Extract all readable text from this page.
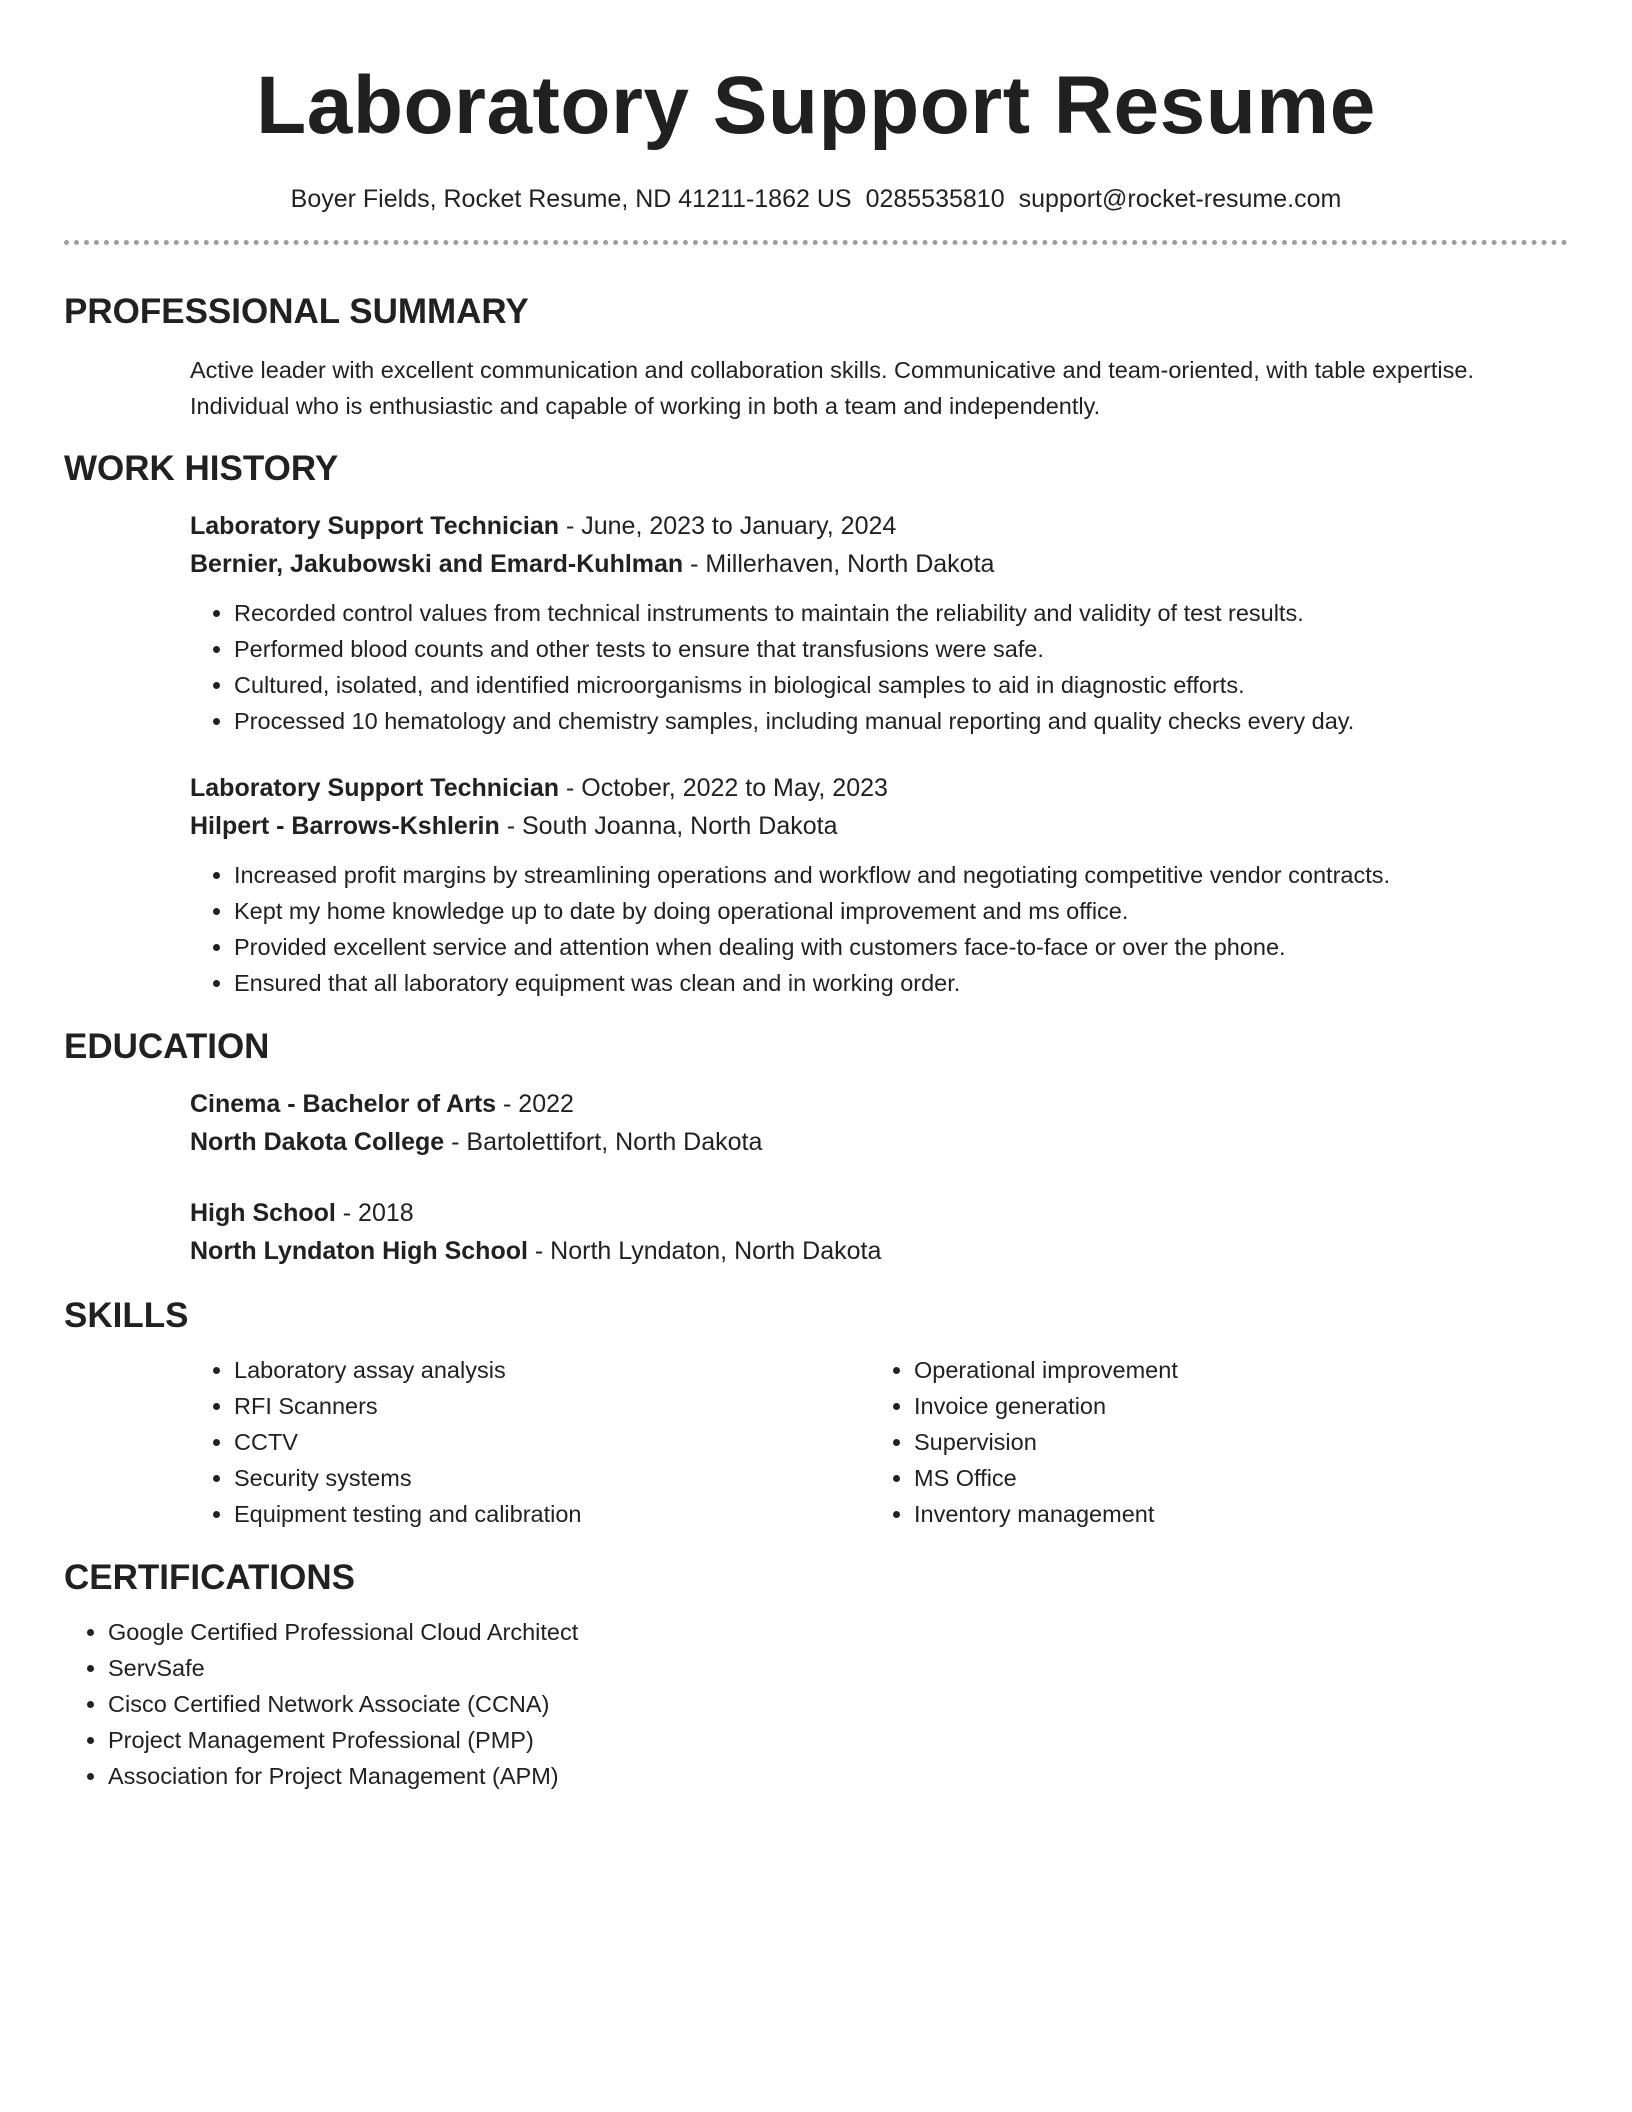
Laboratory Support Resume
Boyer Fields, Rocket Resume, ND 41211-1862 US 0285535810 support@rocket-resume.com
PROFESSIONAL SUMMARY
Active leader with excellent communication and collaboration skills. Communicative and team-oriented, with table expertise. Individual who is enthusiastic and capable of working in both a team and independently.
WORK HISTORY
Laboratory Support Technician - June, 2023 to January, 2024
Bernier, Jakubowski and Emard-Kuhlman - Millerhaven, North Dakota
• Recorded control values from technical instruments to maintain the reliability and validity of test results.
• Performed blood counts and other tests to ensure that transfusions were safe.
• Cultured, isolated, and identified microorganisms in biological samples to aid in diagnostic efforts.
• Processed 10 hematology and chemistry samples, including manual reporting and quality checks every day.
Laboratory Support Technician - October, 2022 to May, 2023
Hilpert - Barrows-Kshlerin - South Joanna, North Dakota
• Increased profit margins by streamlining operations and workflow and negotiating competitive vendor contracts.
• Kept my home knowledge up to date by doing operational improvement and ms office.
• Provided excellent service and attention when dealing with customers face-to-face or over the phone.
• Ensured that all laboratory equipment was clean and in working order.
EDUCATION
Cinema - Bachelor of Arts - 2022
North Dakota College - Bartolettifort, North Dakota
High School - 2018
North Lyndaton High School - North Lyndaton, North Dakota
SKILLS
• Laboratory assay analysis
• RFI Scanners
• CCTV
• Security systems
• Equipment testing and calibration
• Operational improvement
• Invoice generation
• Supervision
• MS Office
• Inventory management
CERTIFICATIONS
• Google Certified Professional Cloud Architect
• ServSafe
• Cisco Certified Network Associate (CCNA)
• Project Management Professional (PMP)
• Association for Project Management (APM)
